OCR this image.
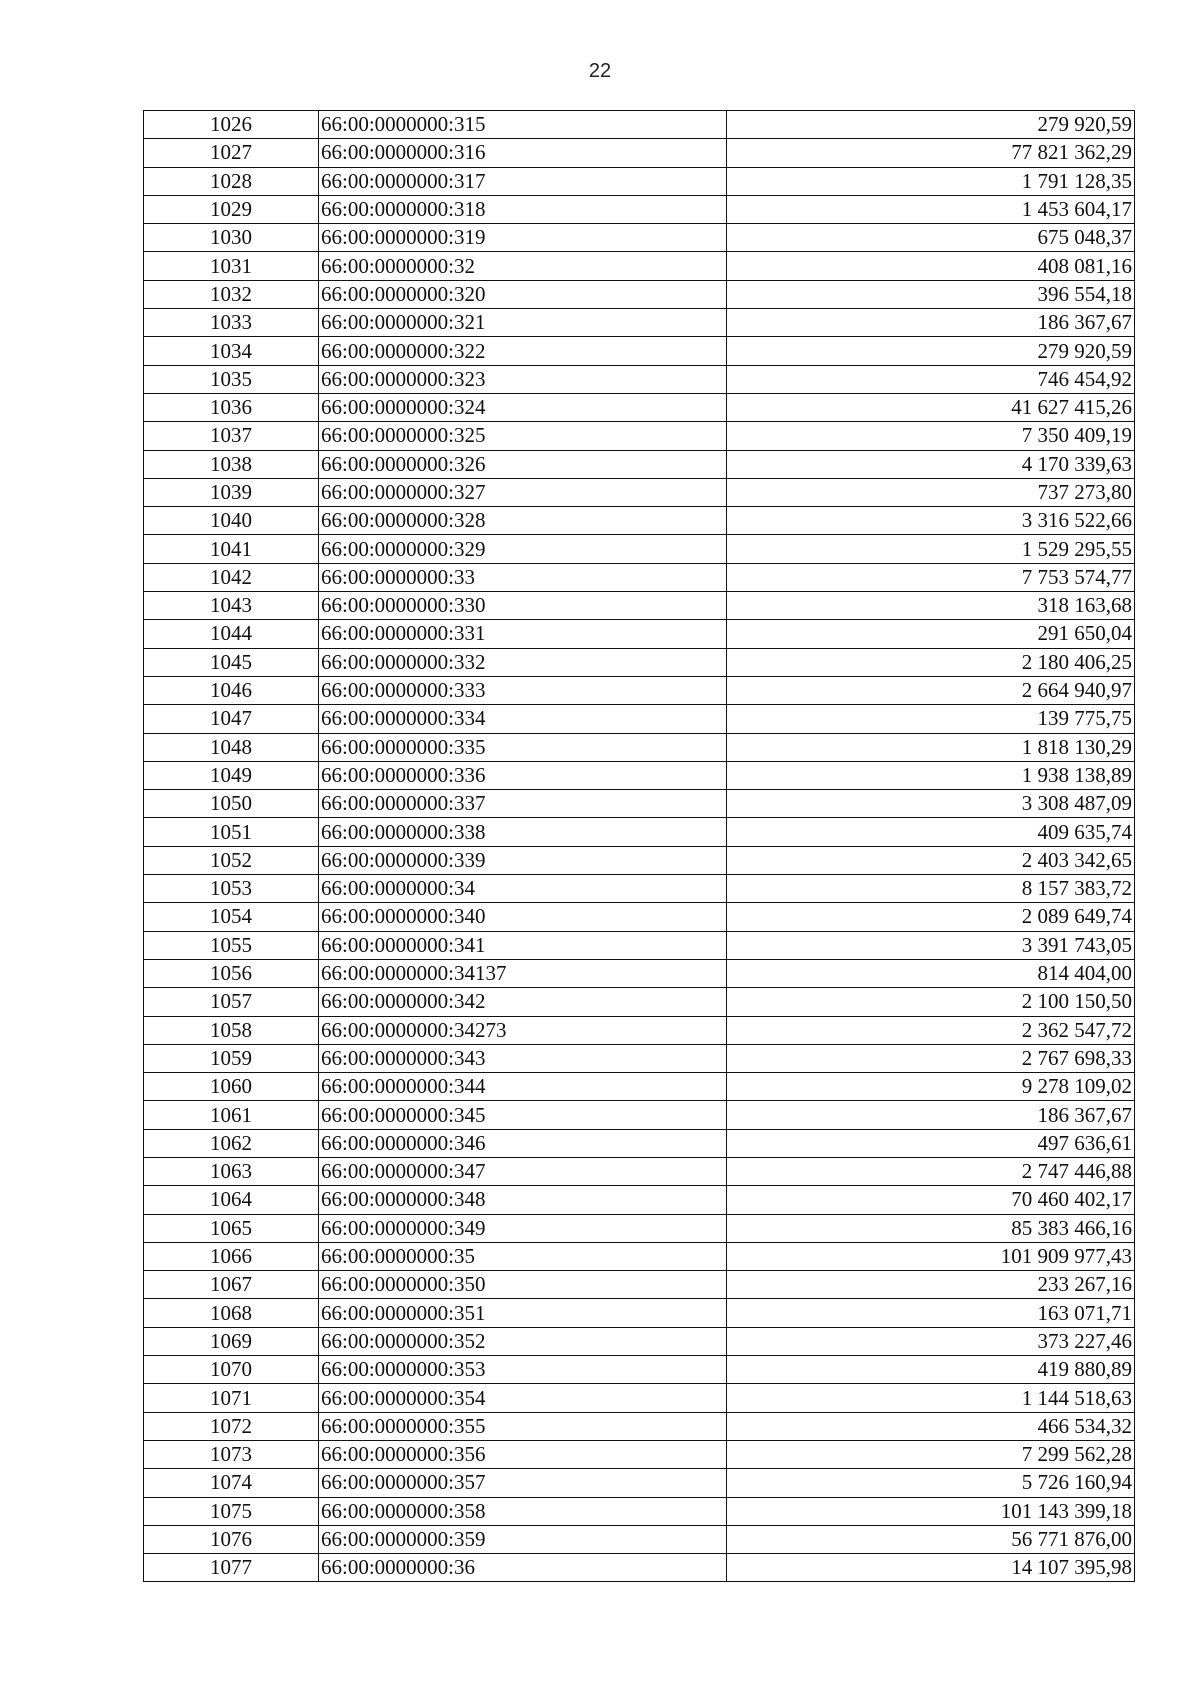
22
1026	66:00:0000000:315	279 920,59
1027	66:00:0000000:316	77 821 362,29
1028	66:00:0000000:317	1 791 128,35
1029	66:00:0000000:318	1 453 604,17
1030	66:00:0000000:319	675 048,37
1031	66:00:0000000:32	408 081,16
1032	66:00:0000000:320	396 554,18
1033	66:00:0000000:321	186 367,67
1034	66:00:0000000:322	279 920,59
1035	66:00:0000000:323	746 454,92
1036	66:00:0000000:324	41 627 415,26
1037	66:00:0000000:325	7 350 409,19
1038	66:00:0000000:326	4 170 339,63
1039	66:00:0000000:327	737 273,80
1040	66:00:0000000:328	3 316 522,66
1041	66:00:0000000:329	1 529 295,55
1042	66:00:0000000:33	7 753 574,77
1043	66:00:0000000:330	318 163,68
1044	66:00:0000000:331	291 650,04
1045	66:00:0000000:332	2 180 406,25
1046	66:00:0000000:333	2 664 940,97
1047	66:00:0000000:334	139 775,75
1048	66:00:0000000:335	1 818 130,29
1049	66:00:0000000:336	1 938 138,89
1050	66:00:0000000:337	3 308 487,09
1051	66:00:0000000:338	409 635,74
1052	66:00:0000000:339	2 403 342,65
1053	66:00:0000000:34	8 157 383,72
1054	66:00:0000000:340	2 089 649,74
1055	66:00:0000000:341	3 391 743,05
1056	66:00:0000000:34137	814 404,00
1057	66:00:0000000:342	2 100 150,50
1058	66:00:0000000:34273	2 362 547,72
1059	66:00:0000000:343	2 767 698,33
1060	66:00:0000000:344	9 278 109,02
1061	66:00:0000000:345	186 367,67
1062	66:00:0000000:346	497 636,61
1063	66:00:0000000:347	2 747 446,88
1064	66:00:0000000:348	70 460 402,17
1065	66:00:0000000:349	85 383 466,16
1066	66:00:0000000:35	101 909 977,43
1067	66:00:0000000:350	233 267,16
1068	66:00:0000000:351	163 071,71
1069	66:00:0000000:352	373 227,46
1070	66:00:0000000:353	419 880,89
1071	66:00:0000000:354	1 144 518,63
1072	66:00:0000000:355	466 534,32
1073	66:00:0000000:356	7 299 562,28
1074	66:00:0000000:357	5 726 160,94
1075	66:00:0000000:358	101 143 399,18
1076	66:00:0000000:359	56 771 876,00
1077	66:00:0000000:36	14 107 395,98
